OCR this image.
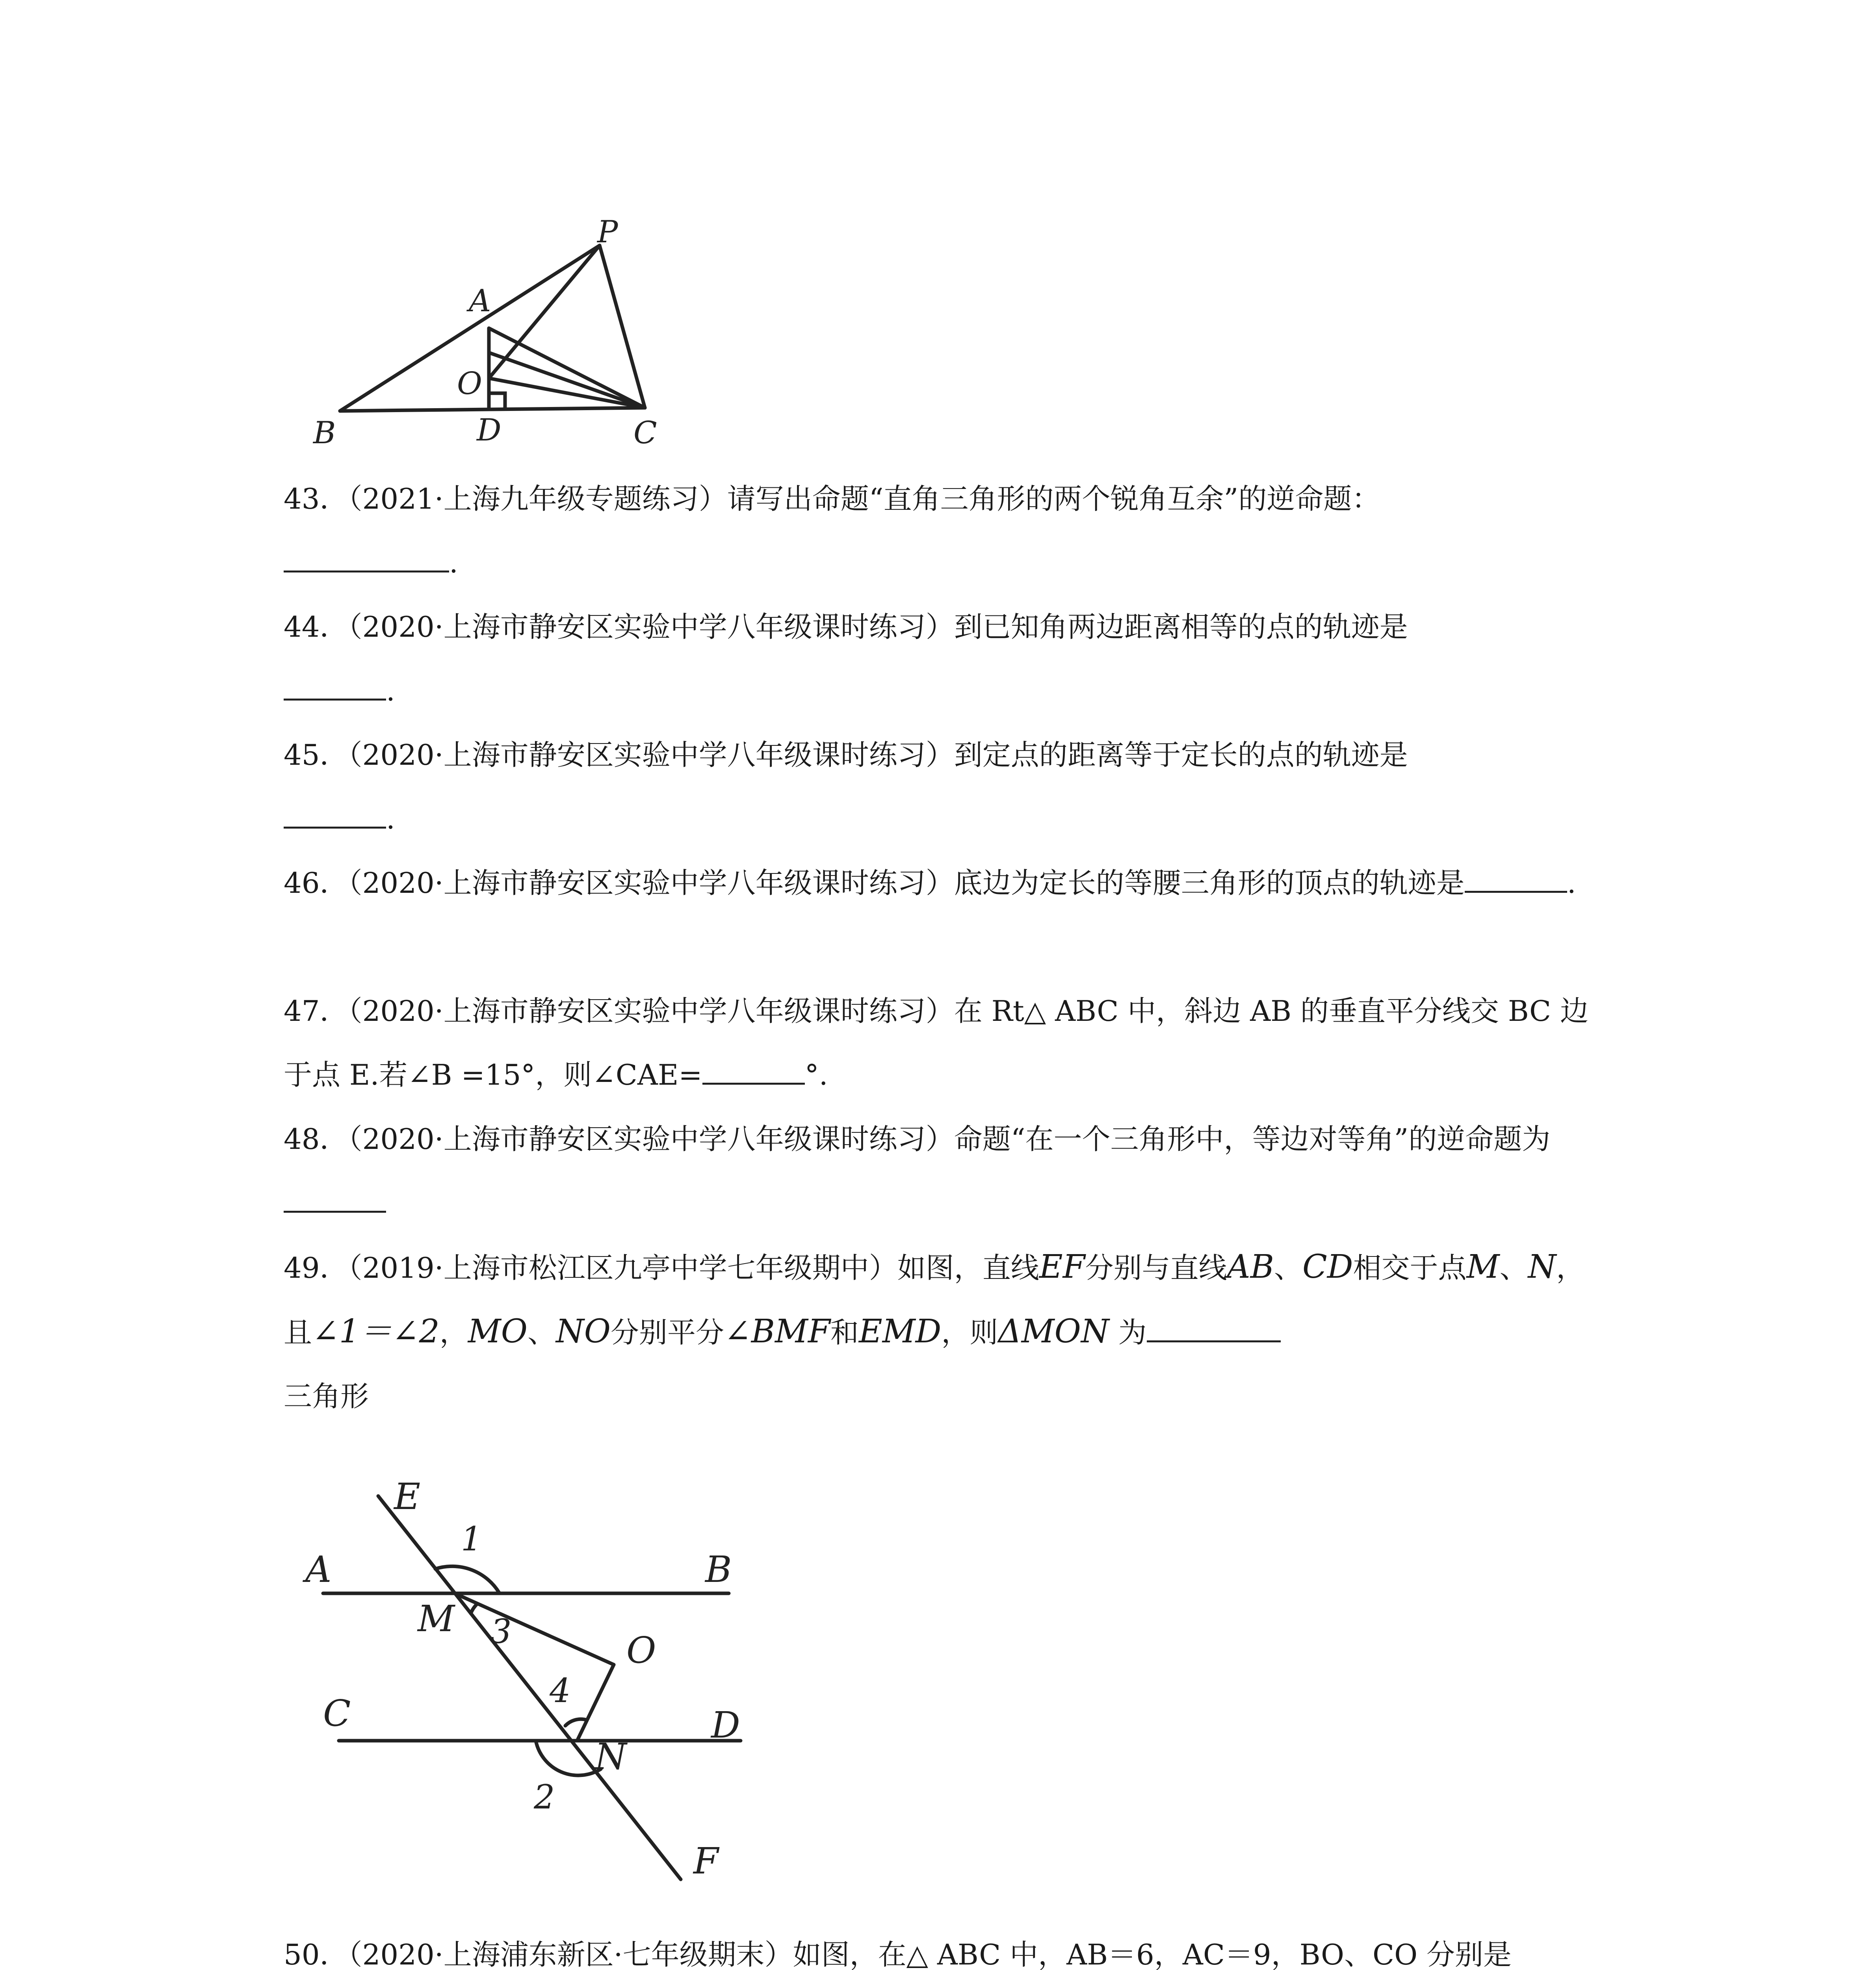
P
A
O
B	D	C

43．（2021·上海九年级专题练习）请写出命题“直角三角形的两个锐角互余”的逆命题：
.

44．（2020·上海市静安区实验中学八年级课时练习）到已知角两边距离相等的点的轨迹是
.

45．（2020·上海市静安区实验中学八年级课时练习）到定点的距离等于定长的点的轨迹是
.

46．（2020·上海市静安区实验中学八年级课时练习）底边为定长的等腰三角形的顶点的轨迹是	.

47．（2020·上海市静安区实验中学八年级课时练习）在 Rt△ ABC 中，斜边 AB 的垂直平分线交 BC 边于点 E.若∠B =15°，则∠CAE=	°.

48．（2020·上海市静安区实验中学八年级课时练习）命题“在一个三角形中，等边对等角”的逆命题为

49．（2019·上海市松江区九亭中学七年级期中）如图，直线EF分别与直线AB、CD相交于点M、N，且∠1＝∠2，MO、NO分别平分∠BMF和EMD，则ΔMON 为
三角形

E
1
A	B
M 3	O
4
C	D
N
2
F

50．（2020·上海浦东新区·七年级期末）如图，在△ ABC 中，AB＝6，AC＝9，BO、CO 分别是
